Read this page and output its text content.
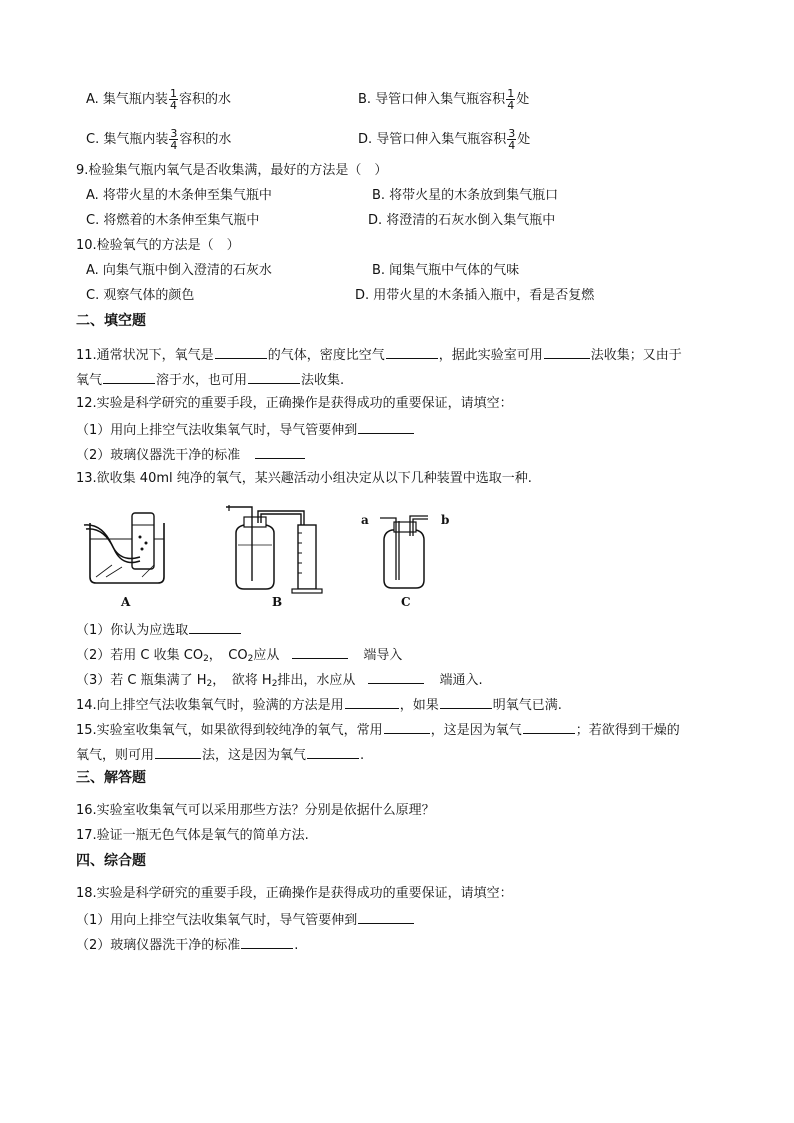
A. 集气瓶内装 $\frac{1}{4}$ 容积的水	B. 导管口伸入集气瓶容积 $\frac{1}{4}$ 处
C. 集气瓶内装 $\frac{3}{4}$ 容积的水	D. 导管口伸入集气瓶容积 $\frac{3}{4}$ 处
9.检验集气瓶内氧气是否收集满，最好的方法是（　）
A. 将带火星的木条伸至集气瓶中	B. 将带火星的木条放到集气瓶口
C. 将燃着的木条伸至集气瓶中	D. 将澄清的石灰水倒入集气瓶中
10.检验氧气的方法是（　）
A. 向集气瓶中倒入澄清的石灰水	B. 闻集气瓶中气体的气味
C. 观察气体的颜色	D. 用带火星的木条插入瓶中，看是否复燃
二、填空题
11.通常状况下，氧气是	的气体，密度比空气	，据此实验室可用	法收集；又由于
氧气	溶于水，也可用	法收集.
12.实验是科学研究的重要手段，正确操作是获得成功的重要保证，请填空：
（1）用向上排空气法收集氧气时，导气管要伸到
（2）玻璃仪器洗干净的标准
13.欲收集 40ml 纯净的氧气，某兴趣活动小组决定从以下几种装置中选取一种.
A	B
a	b
C
（1）你认为应选取
（2）若用 C 收集 $CO_2$，　$CO_2$应从	端导入
（3）若 C 瓶集满了 $H_2$，　欲将 $H_2$排出，水应从	端通入.
14.向上排空气法收集氧气时，验满的方法是用	，如果	明氧气已满.
15.实验室收集氧气，如果欲得到较纯净的氧气，常用	，这是因为氧气	；若欲得到干燥的
氧气，则可用	法，这是因为氧气	.
三、解答题
16.实验室收集氧气可以采用那些方法？分别是依据什么原理？
17.验证一瓶无色气体是氧气的简单方法.
四、综合题
18.实验是科学研究的重要手段，正确操作是获得成功的重要保证，请填空：
（1）用向上排空气法收集氧气时，导气管要伸到
（2）玻璃仪器洗干净的标准	.
